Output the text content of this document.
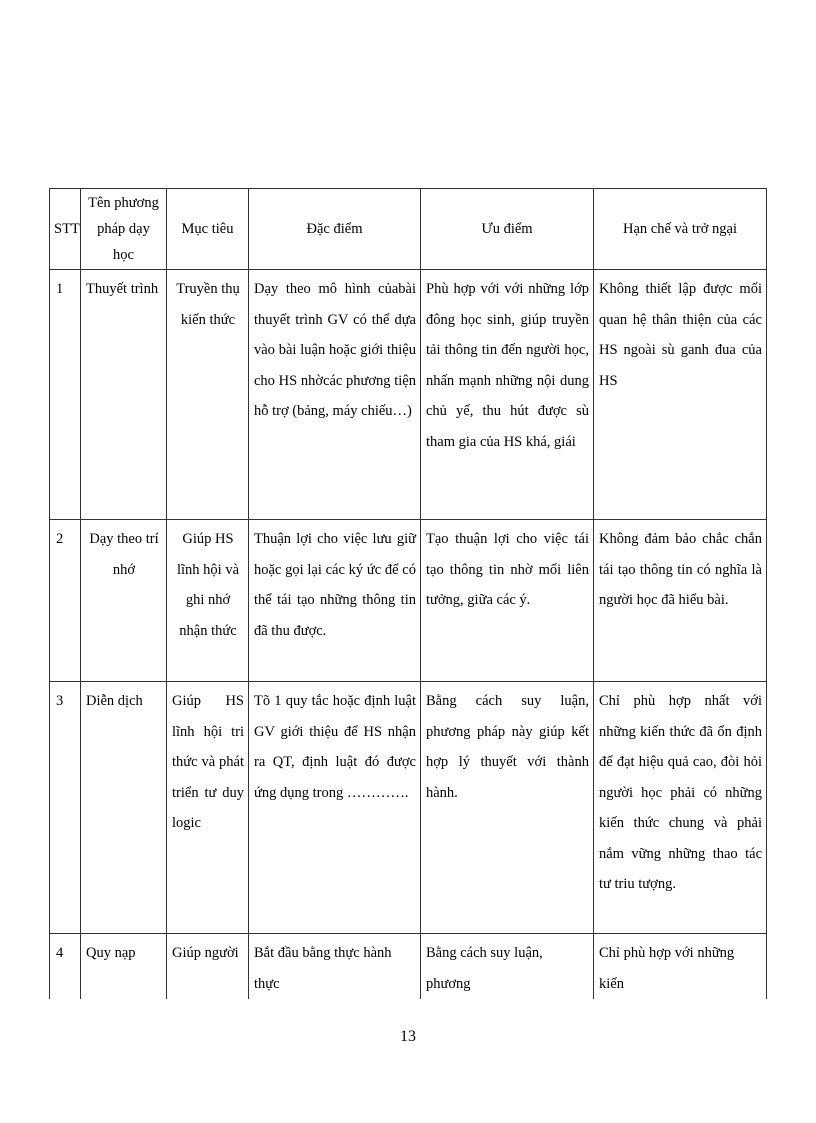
STT	Tên phương pháp dạy học	Mục tiêu	Đặc điểm	Ưu điểm	Hạn chế và trở ngại
1	Thuyết trình	Truyền thụ kiến thức	Dạy theo mô hình củabài thuyết trình GV có thể dựa vào bài luận hoặc giới thiệu cho HS nhờcác phương tiện hỗ trợ (bảng, máy chiếu…)	Phù hợp với với những lớp đông học sinh, giúp truyền tải thông tin đến người học, nhấn mạnh những nội dung chủ yế, thu hút được sù tham gia của HS khá, giái	Không thiết lập được mối quan hệ thân thiện của các HS ngoài sù ganh đua của HS
2	Dạy theo trí nhớ	Giúp HS lĩnh hội và ghi nhớ nhận thức	Thuận lợi cho việc lưu giữ hoặc gọi lại các ký ức để có thể tái tạo những thông tin đã thu được.	Tạo thuận lợi cho việc tái tạo thông tin nhờ mối liên tưởng, giữa các ý.	Không đảm bảo chắc chắn tái tạo thông tin có nghĩa là người học đã hiểu bài.
3	Diễn dịch	Giúp HS lĩnh hội tri thức và phát triển tư duy logic	Tõ 1 quy tắc hoặc định luật GV giới thiệu để HS nhận ra QT, định luật đó được ứng dụng trong ………….	Bằng cách suy luận, phương pháp này giúp kết hợp lý thuyết với thành hành.	Chỉ phù hợp nhất với những kiến thức đã ổn định để đạt hiệu quả cao, đòi hỏi người học phải có những kiến thức chung và phải nắm vững những thao tác tư triu tượng.
4	Quy nạp	Giúp người	Bắt đầu bằng thực hành thực	Bằng cách suy luận, phương	Chỉ phù hợp với những kiến
13
